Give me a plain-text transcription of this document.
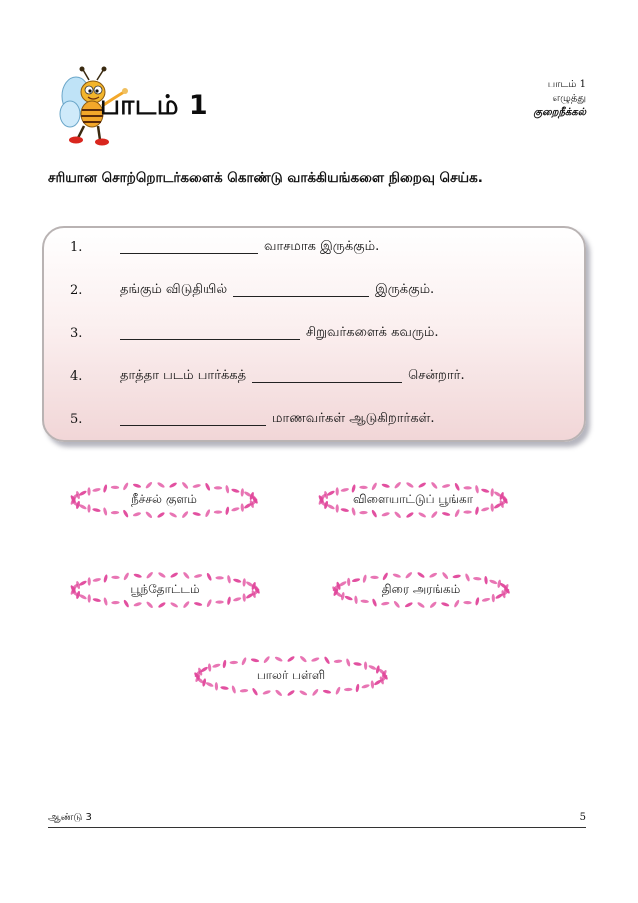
பாடம் 1
பாடம் 1
எழுத்து
குறைநீக்கல்
சரியான சொற்றொடர்களைக் கொண்டு வாக்கியங்களை நிறைவு செய்க.
1.	வாசமாக இருக்கும்.
2.	தங்கும் விடுதியில்	இருக்கும்.
3.	சிறுவர்களைக் கவரும்.
4.	தாத்தா படம் பார்க்கத்	சென்றார்.
5.	மாணவர்கள் ஆடுகிறார்கள்.
நீச்சல் குளம்	விளையாட்டுப் பூங்கா
பூந்தோட்டம்	திரை அரங்கம்
பாலர் பள்ளி
ஆண்டு 3	5
